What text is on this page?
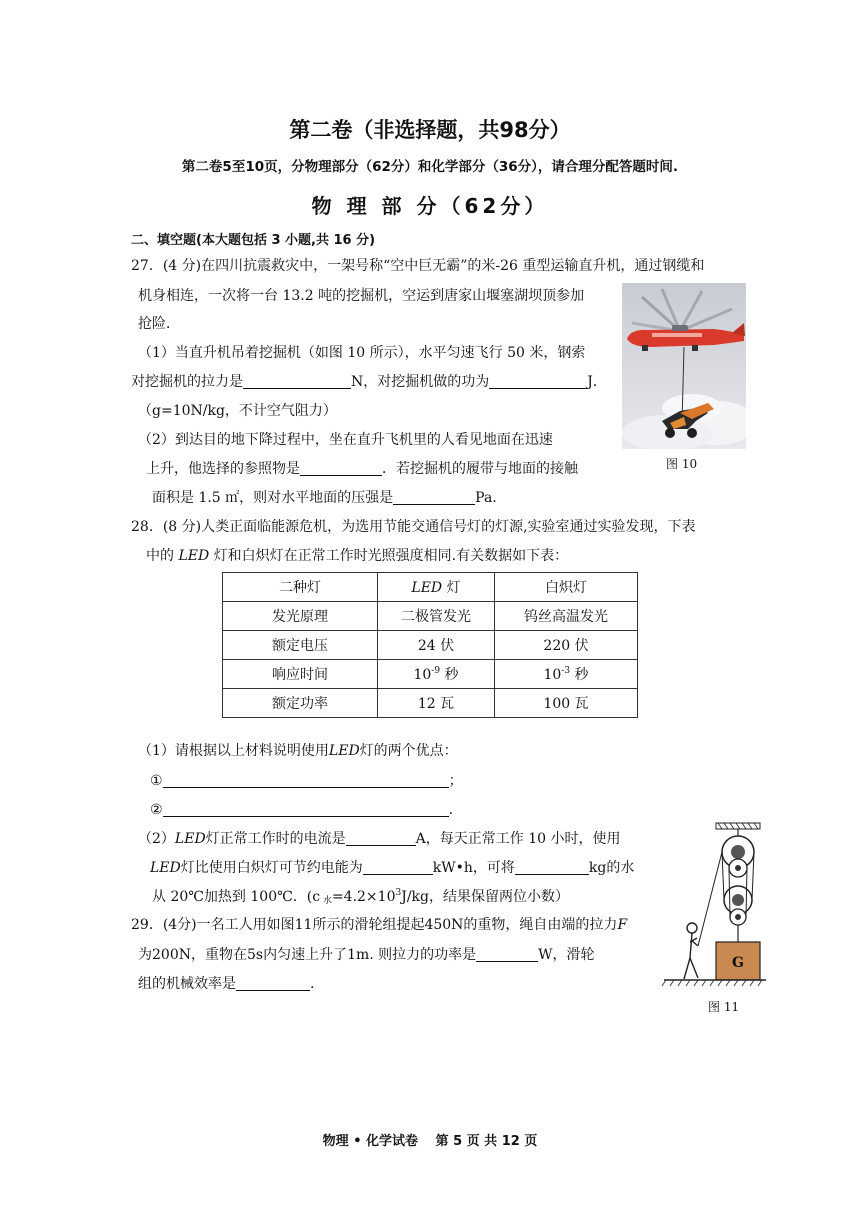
第二卷（非选择题，共98分）
第二卷5至10页，分物理部分（62分）和化学部分（36分），请合理分配答题时间.
物 理 部 分（62分）
二、填空题(本大题包括 3 小题,共 16 分)
27．(4 分)在四川抗震救灾中，一架号称“空中巨无霸”的米-26 重型运输直升机，通过钢缆和
机身相连，一次将一台 13.2 吨的挖掘机，空运到唐家山堰塞湖坝顶参加
抢险．
（1）当直升机吊着挖掘机（如图 10 所示），水平匀速飞行 50 米，钢索
对挖掘机的拉力是	N，对挖掘机做的功为	J．
（g=10N/kg，不计空气阻力）
（2）到达目的地下降过程中，坐在直升飞机里的人看见地面在迅速
上升，他选择的参照物是	．若挖掘机的履带与地面的接触
面积是 1.5 ㎡，则对水平地面的压强是	Pa.
图 10
28．(8 分)人类正面临能源危机，为选用节能交通信号灯的灯源,实验室通过实验发现，下表
中的 LED 灯和白炽灯在正常工作时光照强度相同.有关数据如下表：
二种灯	LED 灯	白炽灯
发光原理	二极管发光	钨丝高温发光
额定电压	24 伏	220 伏
响应时间	$10^{-9}$ 秒	$10^{-3}$ 秒
额定功率	12 瓦	100 瓦
（1）请根据以上材料说明使用LED灯的两个优点：
①	；
②	.
（2）LED灯正常工作时的电流是	A，每天正常工作 10 小时，使用
LED灯比使用白炽灯可节约电能为	kW•h，可将	kg的水
从 20℃加热到 100℃．(c $_水=4.2\times 10^3J/kg$，结果保留两位小数）
29．(4分)一名工人用如图11所示的滑轮组提起450N的重物，绳自由端的拉力F
为200N，重物在5s内匀速上升了1m. 则拉力的功率是	W，滑轮
组的机械效率是	.
G
图 11
物理 • 化学试卷　 第 5 页 共 12 页
